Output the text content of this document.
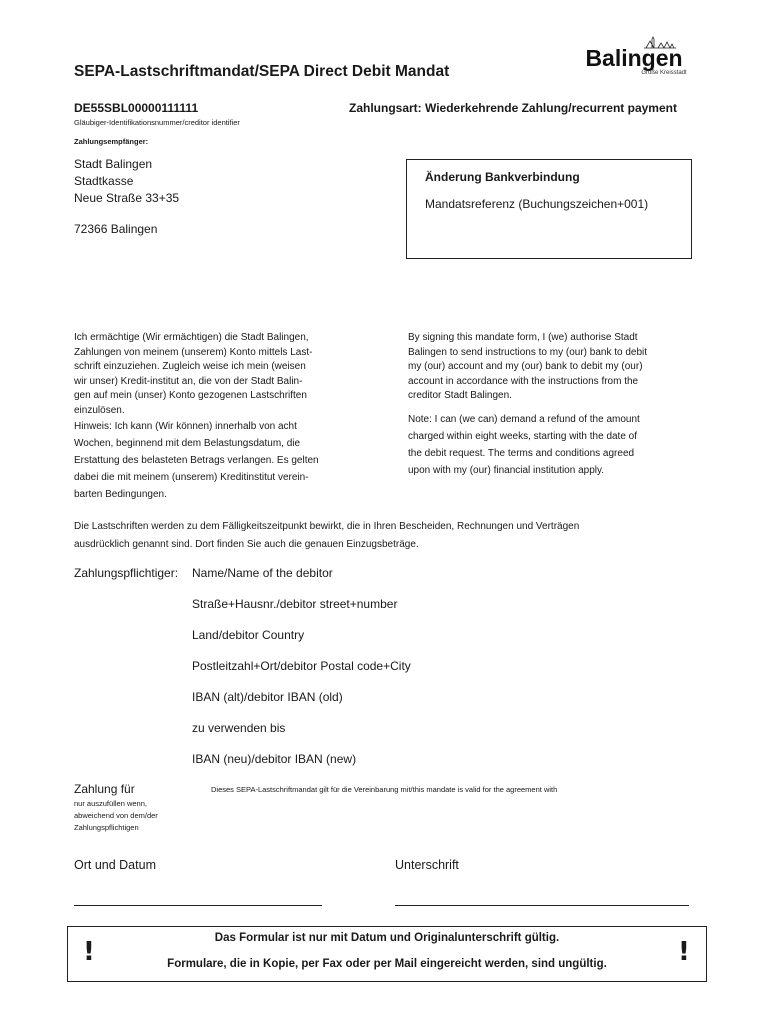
SEPA-Lastschriftmandat/SEPA Direct Debit Mandat
Balingen
Große Kreisstadt
DE55SBL00000111111
Gläubiger-Identifikationsnummer/creditor identifier
Zahlungsart: Wiederkehrende Zahlung/recurrent payment
Zahlungsempfänger:
Stadt Balingen
Stadtkasse
Neue Straße 33+35
72366 Balingen
Änderung Bankverbindung
Mandatsreferenz (Buchungszeichen+001)
Ich ermächtige (Wir ermächtigen) die Stadt Balingen,
Zahlungen von meinem (unserem) Konto mittels Last-
schrift einzuziehen. Zugleich weise ich mein (weisen
wir unser) Kredit-institut an, die von der Stadt Balin-
gen auf mein (unser) Konto gezogenen Lastschriften
einzulösen.
Hinweis: Ich kann (Wir können) innerhalb von acht
Wochen, beginnend mit dem Belastungsdatum, die
Erstattung des belasteten Betrags verlangen. Es gelten
dabei die mit meinem (unserem) Kreditinstitut verein-
barten Bedingungen.
By signing this mandate form, I (we) authorise Stadt
Balingen to send instructions to my (our) bank to debit
my (our) account and my (our) bank to debit my (our)
account in accordance with the instructions from the
creditor Stadt Balingen.
Note: I can (we can) demand a refund of the amount
charged within eight weeks, starting with the date of
the debit request. The terms and conditions agreed
upon with my (our) financial institution apply.
Die Lastschriften werden zu dem Fälligkeitszeitpunkt bewirkt, die in Ihren Bescheiden, Rechnungen und Verträgen
ausdrücklich genannt sind. Dort finden Sie auch die genauen Einzugsbeträge.
Zahlungspflichtiger: Name/Name of the debitor
Straße+Hausnr./debitor street+number
Land/debitor Country
Postleitzahl+Ort/debitor Postal code+City
IBAN (alt)/debitor IBAN (old)
zu verwenden bis
IBAN (neu)/debitor IBAN (new)
Zahlung für
nur auszufüllen wenn,
abweichend von dem/der
Zahlungspflichtigen
Dieses SEPA-Lastschriftmandat gilt für die Vereinbarung mit/this mandate is valid for the agreement with
Ort und Datum	Unterschrift
!	Das Formular ist nur mit Datum und Originalunterschrift gültig.
Formulare, die in Kopie, per Fax oder per Mail eingereicht werden, sind ungültig.	!
